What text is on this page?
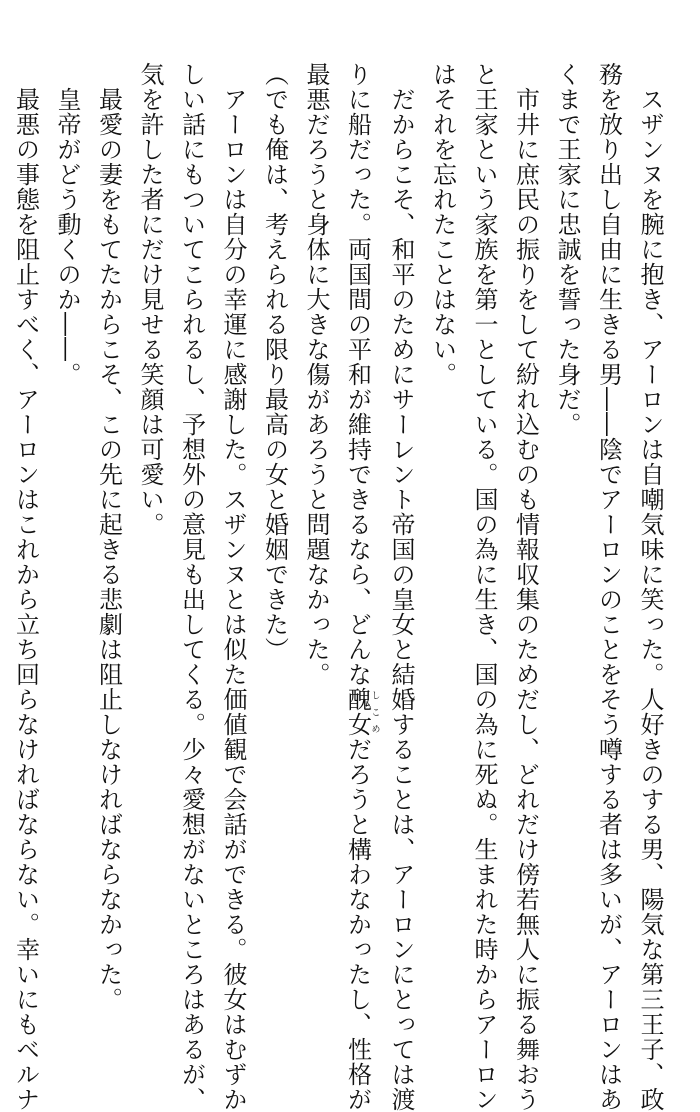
　スザンヌを腕に抱き、アーロンは自嘲気味に笑った。人好きのする男、陽気な第三王子、政
務を放り出し自由に生きる男――陰でアーロンのことをそう噂する者は多いが、アーロンはあ
くまで王家に忠誠を誓った身だ。
　市井に庶民の振りをして紛れ込むのも情報収集のためだし、どれだけ傍若無人に振る舞おう
と王家という家族を第一としている。国の為に生き、国の為に死ぬ。生まれた時からアーロン
はそれを忘れたことはない。
　だからこそ、和平のためにサーレント帝国の皇女と結婚することは、アーロンにとっては渡
りに船だった。両国間の平和が維持できるなら、どんな醜女しこめだろうと構わなかったし、性格が
最悪だろうと身体に大きな傷があろうと問題なかった。
（でも俺は、考えられる限り最高の女と婚姻できた）
　アーロンは自分の幸運に感謝した。スザンヌとは似た価値観で会話ができる。彼女はむずか
しい話にもついてこられるし、予想外の意見も出してくる。少々愛想がないところはあるが、
気を許した者にだけ見せる笑顔は可愛い。
　最愛の妻をもてたからこそ、この先に起きる悲劇は阻止しなければならなかった。
　皇帝がどう動くのか――。
　最悪の事態を阻止すべく、アーロンはこれから立ち回らなければならない。幸いにもベルナ
